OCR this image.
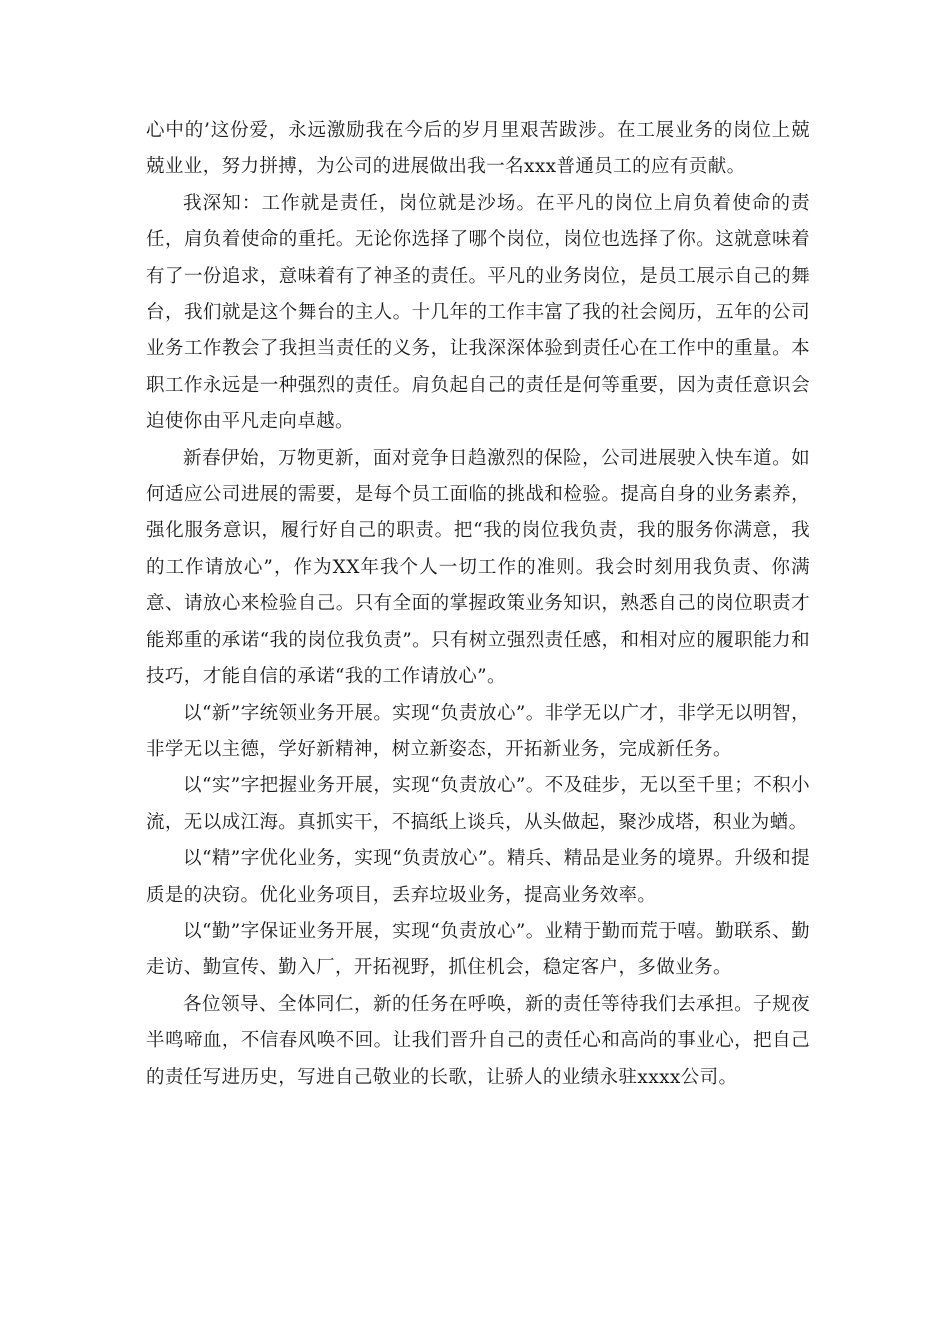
心中的’这份爱，永远激励我在今后的岁月里艰苦跋涉。在工展业务的岗位上兢兢业业，努力拼搏，为公司的进展做出我一名xxx普通员工的应有贡献。

我深知：工作就是责任，岗位就是沙场。在平凡的岗位上肩负着使命的责任，肩负着使命的重托。无论你选择了哪个岗位，岗位也选择了你。这就意味着有了一份追求，意味着有了神圣的责任。平凡的业务岗位，是员工展示自己的舞台，我们就是这个舞台的主人。十几年的工作丰富了我的社会阅历，五年的公司业务工作教会了我担当责任的义务，让我深深体验到责任心在工作中的重量。本职工作永远是一种强烈的责任。肩负起自己的责任是何等重要，因为责任意识会迫使你由平凡走向卓越。

新春伊始，万物更新，面对竞争日趋激烈的保险，公司进展驶入快车道。如何适应公司进展的需要，是每个员工面临的挑战和检验。提高自身的业务素养，强化服务意识，履行好自己的职责。把“我的岗位我负责，我的服务你满意，我的工作请放心”，作为XX年我个人一切工作的准则。我会时刻用我负责、你满意、请放心来检验自己。只有全面的掌握政策业务知识，熟悉自己的岗位职责才能郑重的承诺“我的岗位我负责”。只有树立强烈责任感，和相对应的履职能力和技巧，才能自信的承诺“我的工作请放心”。

以“新”字统领业务开展。实现“负责放心”。非学无以广才，非学无以明智，非学无以主德，学好新精神，树立新姿态，开拓新业务，完成新任务。

以“实”字把握业务开展，实现“负责放心”。不及硅步，无以至千里；不积小流，无以成江海。真抓实干，不搞纸上谈兵，从头做起，聚沙成塔，积业为蝤。

以“精”字优化业务，实现“负责放心”。精兵、精品是业务的境界。升级和提质是的决窃。优化业务项目，丢弃垃圾业务，提高业务效率。

以“勤”字保证业务开展，实现“负责放心”。业精于勤而荒于嘻。勤联系、勤走访、勤宣传、勤入厂，开拓视野，抓住机会，稳定客户，多做业务。

各位领导、全体同仁，新的任务在呼唤，新的责任等待我们去承担。子规夜半鸣啼血，不信春风唤不回。让我们晋升自己的责任心和高尚的事业心，把自己的责任写进历史，写进自己敬业的长歌，让骄人的业绩永驻xxxx公司。
